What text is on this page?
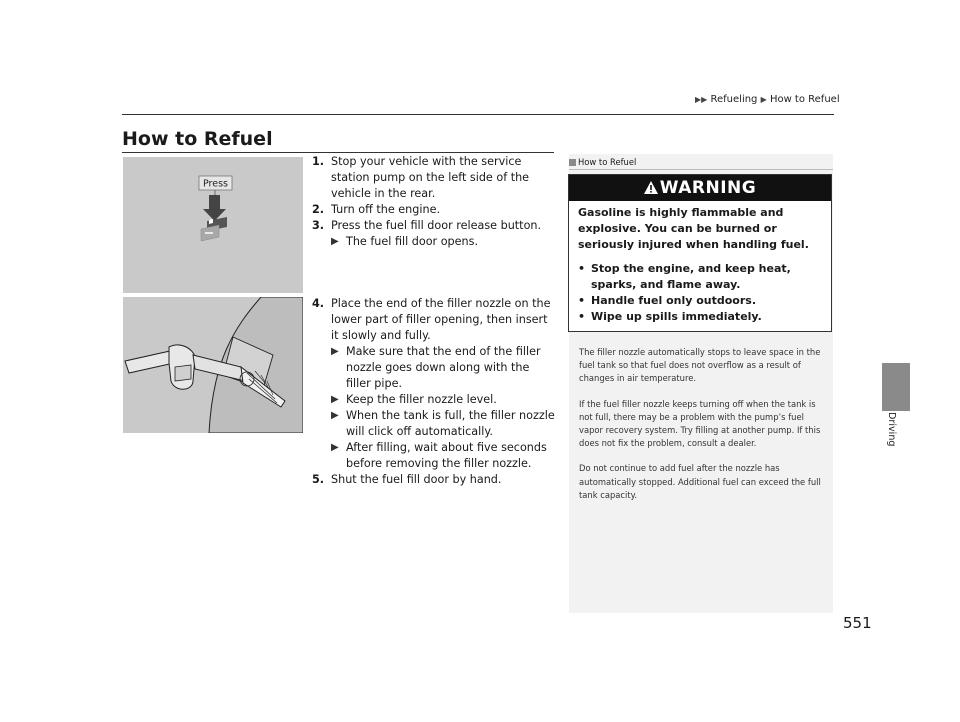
▶▶ Refueling ▶ How to Refuel
How to Refuel
Press
1. Stop your vehicle with the service station pump on the left side of the vehicle in the rear.
2. Turn off the engine.
3. Press the fuel fill door release button.
▶ The fuel fill door opens.
4. Place the end of the filler nozzle on the lower part of filler opening, then insert it slowly and fully.
▶ Make sure that the end of the filler nozzle goes down along with the filler pipe.
▶ Keep the filler nozzle level.
▶ When the tank is full, the filler nozzle will click off automatically.
▶ After filling, wait about five seconds before removing the filler nozzle.
5. Shut the fuel fill door by hand.
How to Refuel
WARNING
Gasoline is highly flammable and explosive. You can be burned or seriously injured when handling fuel.
• Stop the engine, and keep heat, sparks, and flame away.
• Handle fuel only outdoors.
• Wipe up spills immediately.

The filler nozzle automatically stops to leave space in the fuel tank so that fuel does not overflow as a result of changes in air temperature.

If the fuel filler nozzle keeps turning off when the tank is not full, there may be a problem with the pump’s fuel vapor recovery system. Try filling at another pump. If this does not fix the problem, consult a dealer.

Do not continue to add fuel after the nozzle has automatically stopped. Additional fuel can exceed the full tank capacity.

Driving
551
